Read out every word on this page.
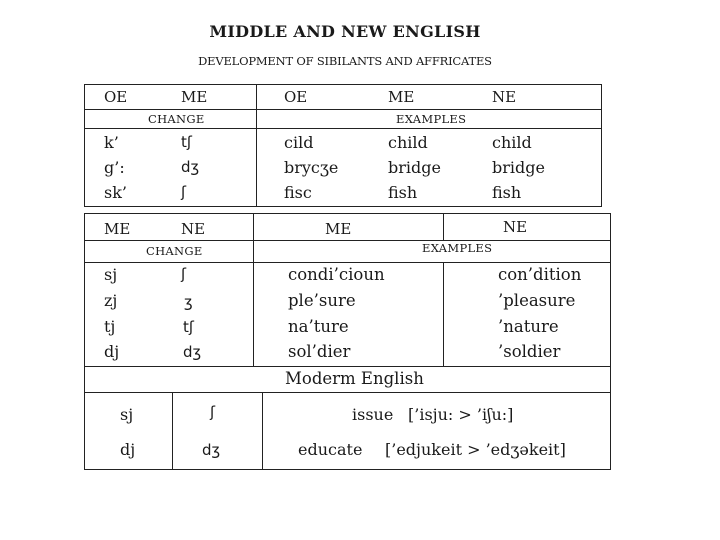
MIDDLE AND NEW ENGLISH
DEVELOPMENT OF SIBILANTS AND AFFRICATES
OE	ME	OE	ME	NE
CHANGE	EXAMPLES
k’	tʃ	cild	child	child
g’:	dʒ	brycʒe	bridge	bridge
sk’	ʃ	fisc	fish	fish
ME	NE	ME	NE
CHANGE	EXAMPLES
sj	ʃ	condi’cioun	con’dition
zj	ʒ	ple’sure	’pleasure
tj	tʃ	na’ture	’nature
dj	dʒ	sol’dier	’soldier
Moderm English
sj	ʃ	issue [’isju: > ’iʃu:]
dj	dʒ	educate [’edjukeit > ’edʒəkeit]
